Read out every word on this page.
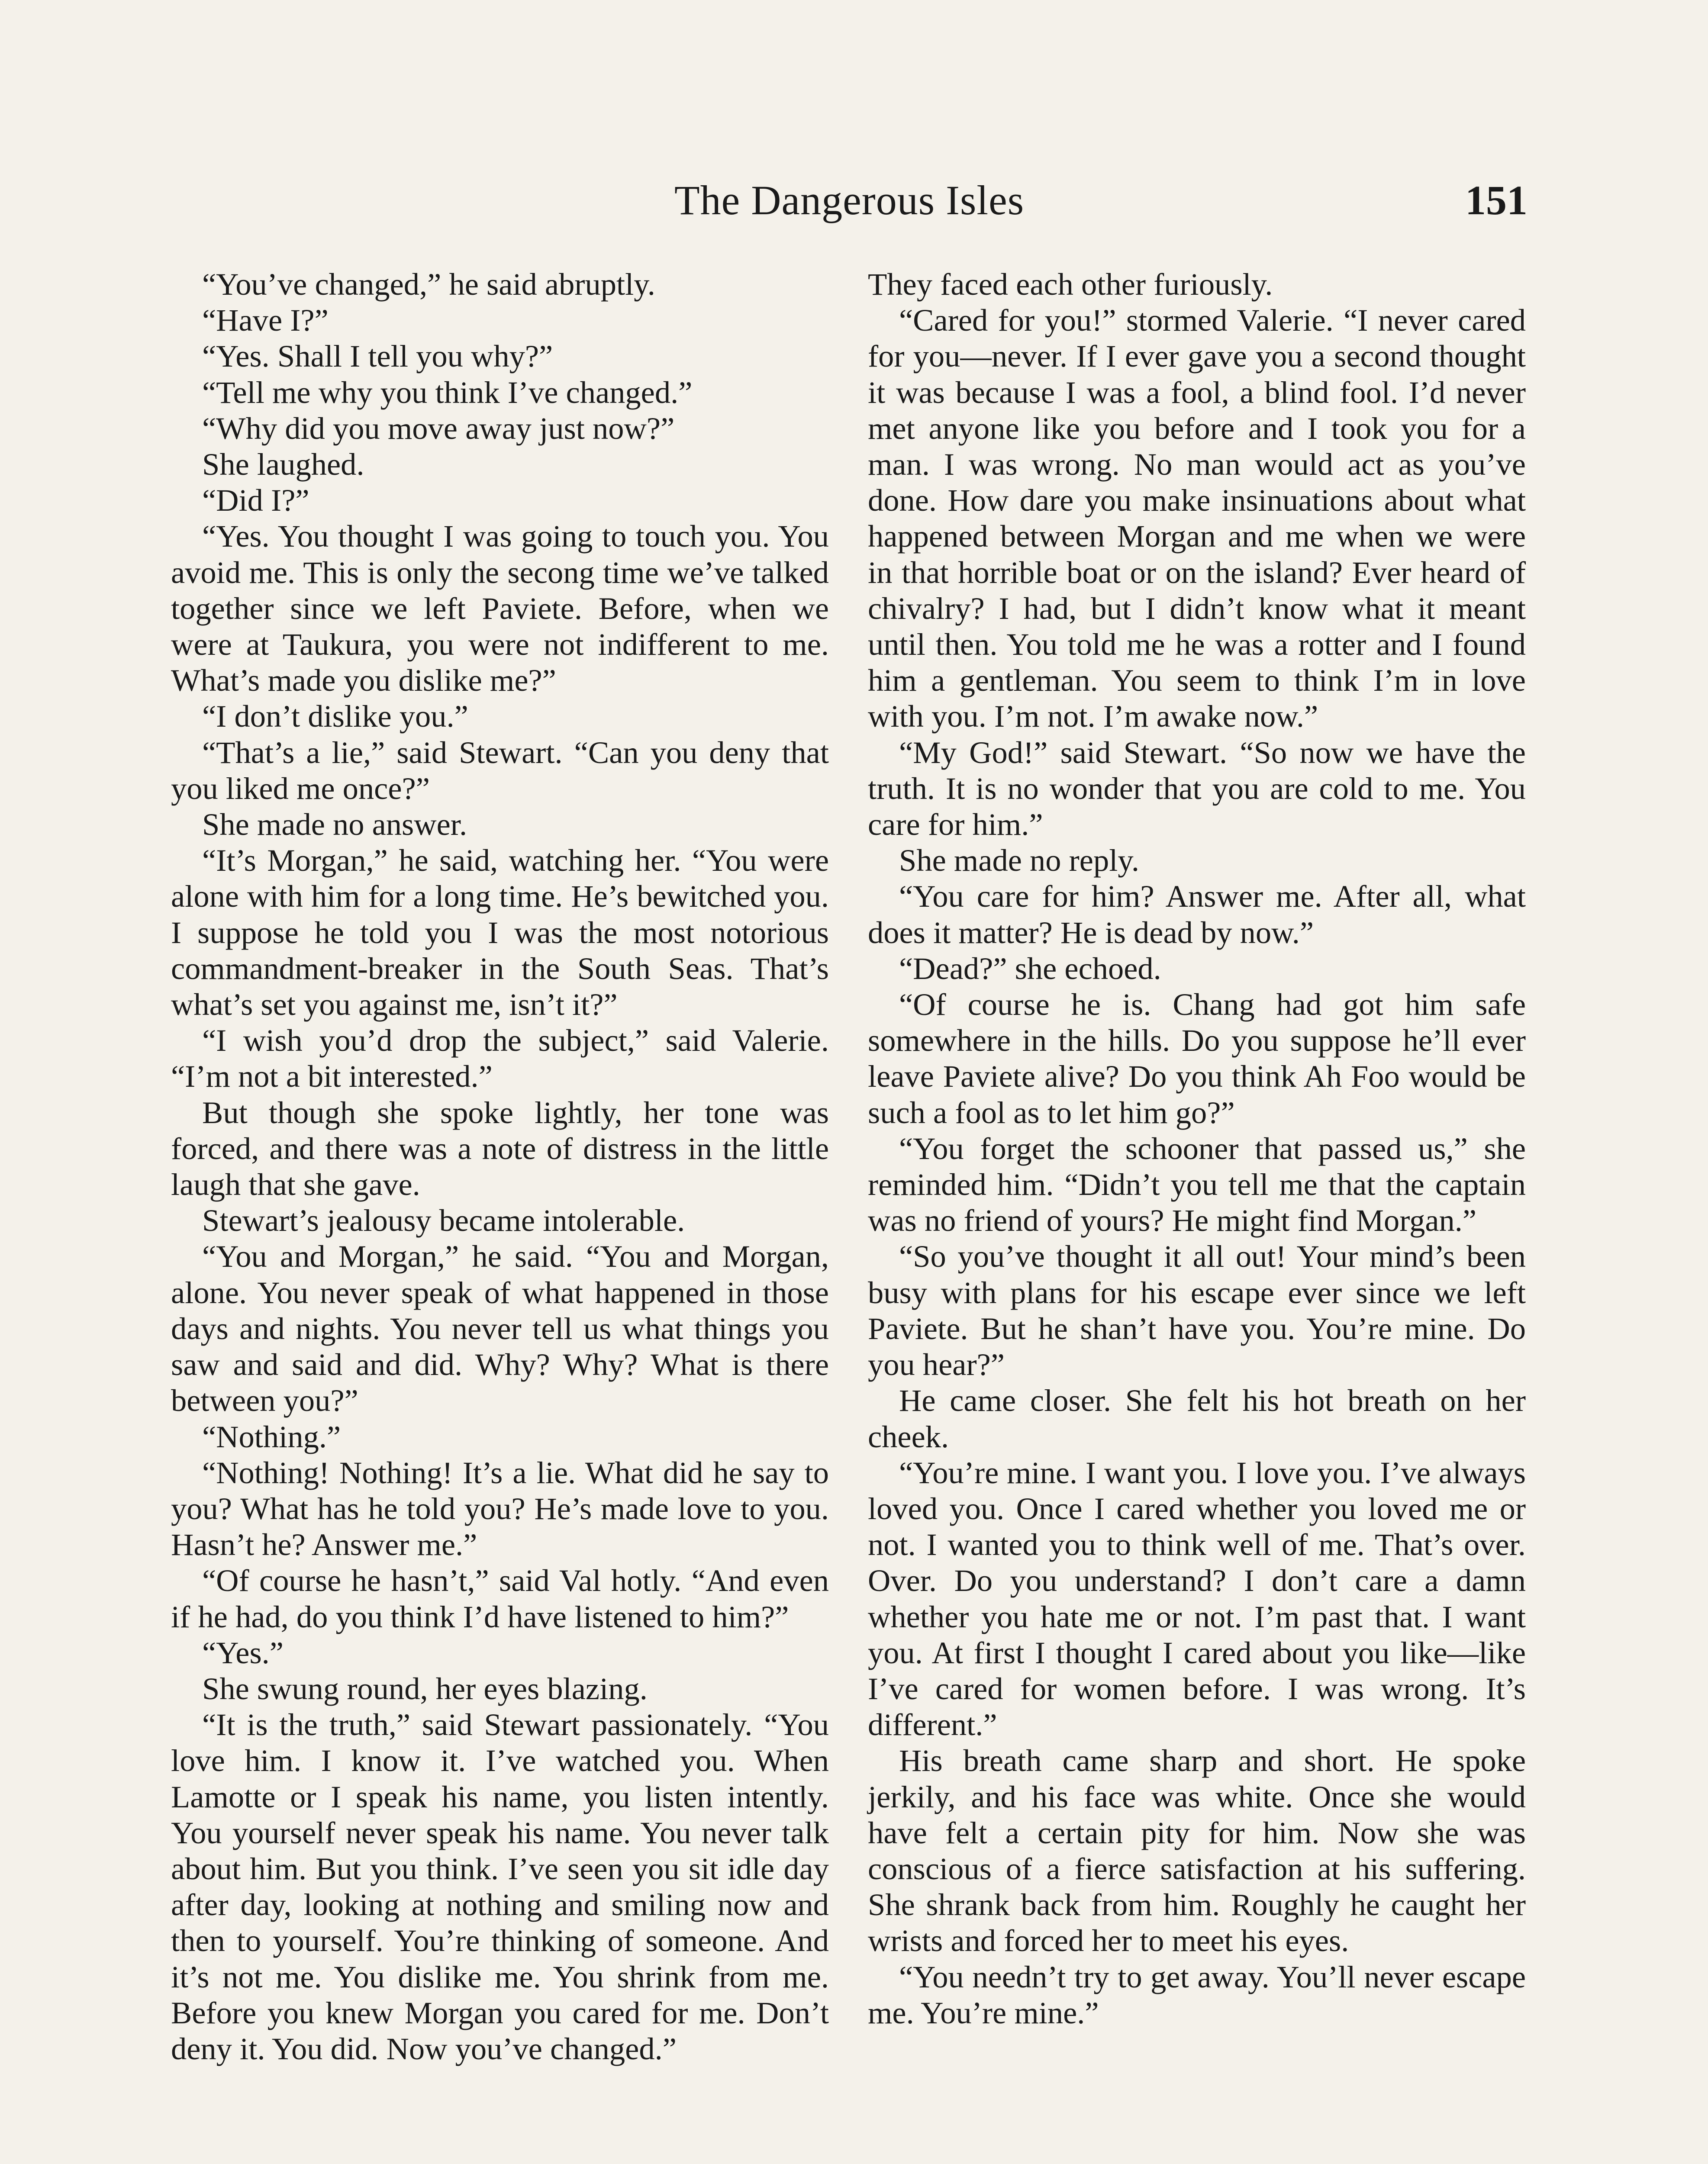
The Dangerous Isles	151

“You’ve changed,” he said abruptly.

“Have I?”

“Yes. Shall I tell you why?”

“Tell me why you think I’ve changed.”

“Why did you move away just now?”

She laughed.

“Did I?”

“Yes. You thought I was going to touch you. You avoid me. This is only the secong time we’ve talked together since we left Paviete. Before, when we were at Taukura, you were not indifferent to me. What’s made you dislike me?”

“I don’t dislike you.”

“That’s a lie,” said Stewart. “Can you deny that you liked me once?”

She made no answer.

“It’s Morgan,” he said, watching her. “You were alone with him for a long time. He’s bewitched you. I suppose he told you I was the most notorious commandment-breaker in the South Seas. That’s what’s set you against me, isn’t it?”

“I wish you’d drop the subject,” said Valerie. “I’m not a bit interested.”

But though she spoke lightly, her tone was forced, and there was a note of distress in the little laugh that she gave.

Stewart’s jealousy became intolerable.

“You and Morgan,” he said. “You and Morgan, alone. You never speak of what happened in those days and nights. You never tell us what things you saw and said and did. Why? Why? What is there between you?”

“Nothing.”

“Nothing! Nothing! It’s a lie. What did he say to you? What has he told you? He’s made love to you. Hasn’t he? Answer me.”

“Of course he hasn’t,” said Val hotly. “And even if he had, do you think I’d have listened to him?”

“Yes.”

She swung round, her eyes blazing.

“It is the truth,” said Stewart passionately. “You love him. I know it. I’ve watched you. When Lamotte or I speak his name, you listen intently. You yourself never speak his name. You never talk about him. But you think. I’ve seen you sit idle day after day, looking at nothing and smiling now and then to yourself. You’re thinking of someone. And it’s not me. You dislike me. You shrink from me. Before you knew Morgan you cared for me. Don’t deny it. You did. Now you’ve changed.”

They faced each other furiously.

“Cared for you!” stormed Valerie. “I never cared for you—never. If I ever gave you a second thought it was because I was a fool, a blind fool. I’d never met anyone like you before and I took you for a man. I was wrong. No man would act as you’ve done. How dare you make insinuations about what happened between Morgan and me when we were in that horrible boat or on the island? Ever heard of chivalry? I had, but I didn’t know what it meant until then. You told me he was a rotter and I found him a gentleman. You seem to think I’m in love with you. I’m not. I’m awake now.”

“My God!” said Stewart. “So now we have the truth. It is no wonder that you are cold to me. You care for him.”

She made no reply.

“You care for him? Answer me. After all, what does it matter? He is dead by now.”

“Dead?” she echoed.

“Of course he is. Chang had got him safe somewhere in the hills. Do you suppose he’ll ever leave Paviete alive? Do you think Ah Foo would be such a fool as to let him go?”

“You forget the schooner that passed us,” she reminded him. “Didn’t you tell me that the captain was no friend of yours? He might find Morgan.”

“So you’ve thought it all out! Your mind’s been busy with plans for his escape ever since we left Paviete. But he shan’t have you. You’re mine. Do you hear?”

He came closer. She felt his hot breath on her cheek.

“You’re mine. I want you. I love you. I’ve always loved you. Once I cared whether you loved me or not. I wanted you to think well of me. That’s over. Over. Do you understand? I don’t care a damn whether you hate me or not. I’m past that. I want you. At first I thought I cared about you like—like I’ve cared for women before. I was wrong. It’s different.”

His breath came sharp and short. He spoke jerkily, and his face was white. Once she would have felt a certain pity for him. Now she was conscious of a fierce satisfaction at his suffering. She shrank back from him. Roughly he caught her wrists and forced her to meet his eyes.

“You needn’t try to get away. You’ll never escape me. You’re mine.”
